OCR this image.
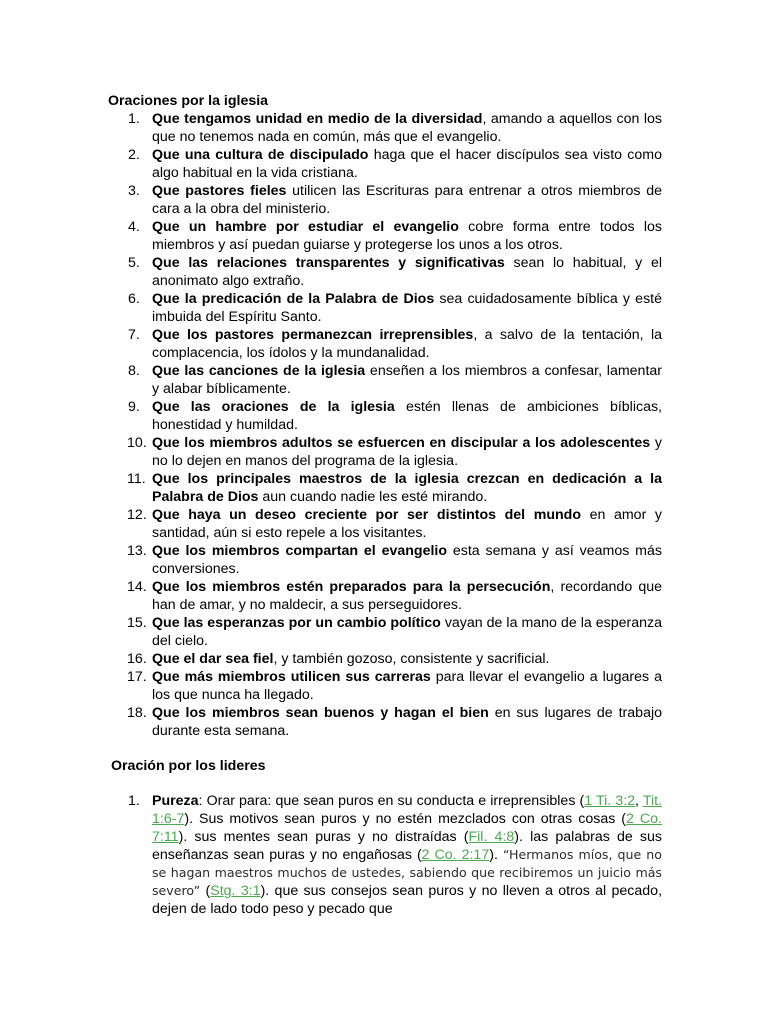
Oraciones por la iglesia

1. Que tengamos unidad en medio de la diversidad, amando a aquellos con los que no tenemos nada en común, más que el evangelio.
2. Que una cultura de discipulado haga que el hacer discípulos sea visto como algo habitual en la vida cristiana.
3. Que pastores fieles utilicen las Escrituras para entrenar a otros miembros de cara a la obra del ministerio.
4. Que un hambre por estudiar el evangelio cobre forma entre todos los miembros y así puedan guiarse y protegerse los unos a los otros.
5. Que las relaciones transparentes y significativas sean lo habitual, y el anonimato algo extraño.
6. Que la predicación de la Palabra de Dios sea cuidadosamente bíblica y esté imbuida del Espíritu Santo.
7. Que los pastores permanezcan irreprensibles, a salvo de la tentación, la complacencia, los ídolos y la mundanalidad.
8. Que las canciones de la iglesia enseñen a los miembros a confesar, lamentar y alabar bíblicamente.
9. Que las oraciones de la iglesia estén llenas de ambiciones bíblicas, honestidad y humildad.
10. Que los miembros adultos se esfuercen en discipular a los adolescentes y no lo dejen en manos del programa de la iglesia.
11. Que los principales maestros de la iglesia crezcan en dedicación a la Palabra de Dios aun cuando nadie les esté mirando.
12. Que haya un deseo creciente por ser distintos del mundo en amor y santidad, aún si esto repele a los visitantes.
13. Que los miembros compartan el evangelio esta semana y así veamos más conversiones.
14. Que los miembros estén preparados para la persecución, recordando que han de amar, y no maldecir, a sus perseguidores.
15. Que las esperanzas por un cambio político vayan de la mano de la esperanza del cielo.
16. Que el dar sea fiel, y también gozoso, consistente y sacrificial.
17. Que más miembros utilicen sus carreras para llevar el evangelio a lugares a los que nunca ha llegado.
18. Que los miembros sean buenos y hagan el bien en sus lugares de trabajo durante esta semana.

Oración por los lideres

1. Pureza: Orar para: que sean puros en su conducta e irreprensibles (1 Ti. 3:2, Tit. 1:6-7). Sus motivos sean puros y no estén mezclados con otras cosas (2 Co. 7:11). sus mentes sean puras y no distraídas (Fil. 4:8). las palabras de sus enseñanzas sean puras y no engañosas (2 Co. 2:17). “Hermanos míos, que no se hagan maestros muchos de ustedes, sabiendo que recibiremos un juicio más severo” (Stg. 3:1). que sus consejos sean puros y no lleven a otros al pecado, dejen de lado todo peso y pecado que
